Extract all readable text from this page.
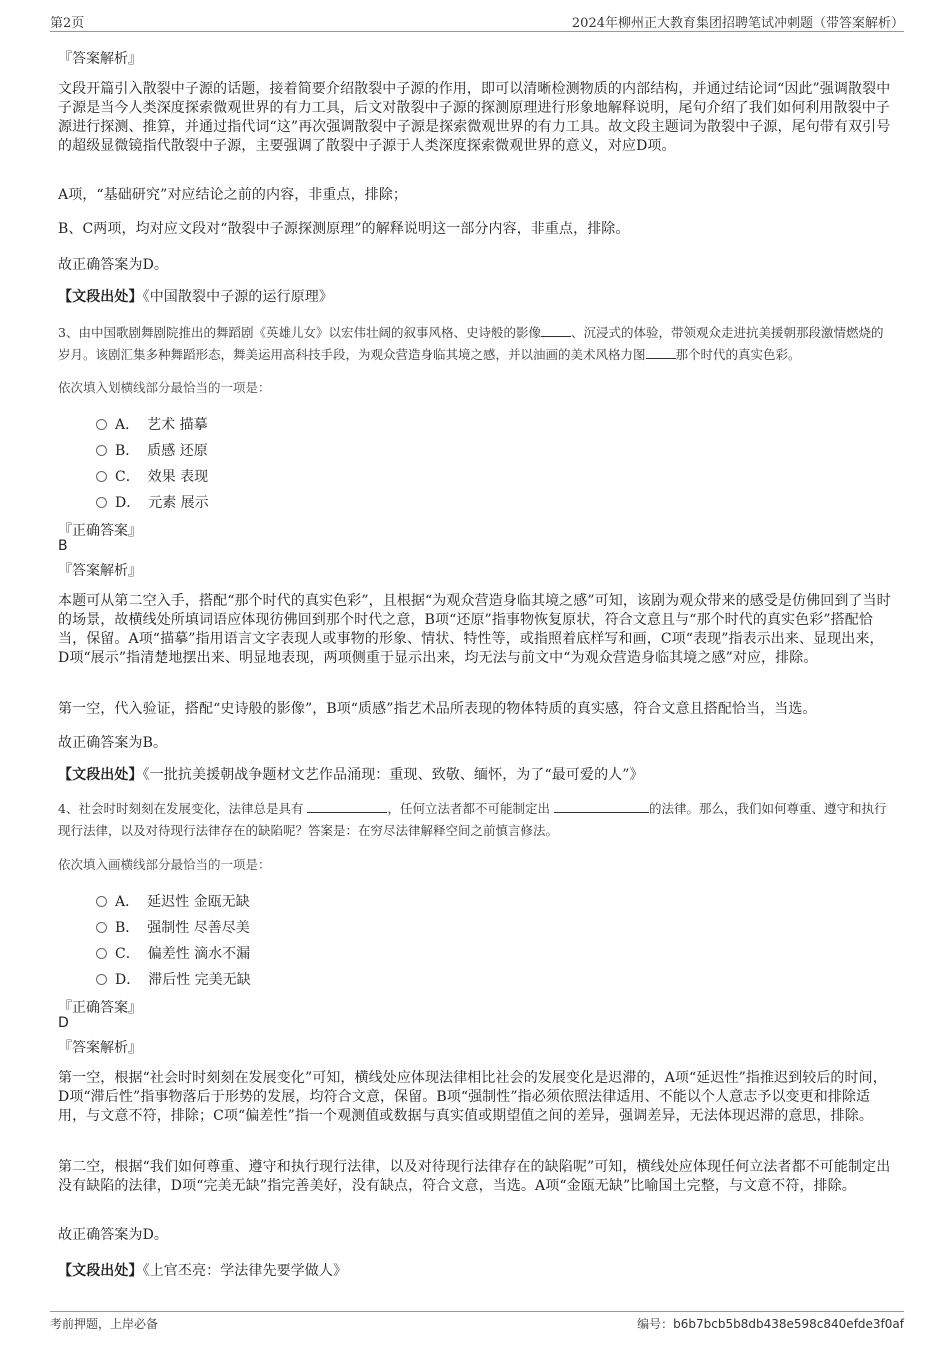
第2页	2024年柳州正大教育集团招聘笔试冲刺题（带答案解析）
『答案解析』
文段开篇引入散裂中子源的话题，接着简要介绍散裂中子源的作用，即可以清晰检测物质的内部结构，并通过结论词“因此”强调散裂中子源是当今人类深度探索微观世界的有力工具，后文对散裂中子源的探测原理进行形象地解释说明，尾句介绍了我们如何利用散裂中子源进行探测、推算，并通过指代词“这”再次强调散裂中子源是探索微观世界的有力工具。故文段主题词为散裂中子源，尾句带有双引号的超级显微镜指代散裂中子源，主要强调了散裂中子源于人类深度探索微观世界的意义，对应D项。
A项，“基础研究”对应结论之前的内容，非重点，排除；
B、C两项，均对应文段对“散裂中子源探测原理”的解释说明这一部分内容，非重点，排除。
故正确答案为D。
【文段出处】《中国散裂中子源的运行原理》
3、由中国歌剧舞剧院推出的舞蹈剧《英雄儿女》以宏伟壮阔的叙事风格、史诗般的影像 、沉浸式的体验，带领观众走进抗美援朝那段激情燃烧的岁月。该剧汇集多种舞蹈形态，舞美运用高科技手段，为观众营造身临其境之感，并以油画的美术风格力图 那个时代的真实色彩。
依次填入划横线部分最恰当的一项是：
A． 艺术 描摹
B． 质感 还原
C． 效果 表现
D． 元素 展示
『正确答案』
B
『答案解析』
本题可从第二空入手，搭配“那个时代的真实色彩”，且根据“为观众营造身临其境之感”可知，该剧为观众带来的感受是仿佛回到了当时的场景，故横线处所填词语应体现彷佛回到那个时代之意，B项“还原”指事物恢复原状，符合文意且与“那个时代的真实色彩”搭配恰当，保留。A项“描摹”指用语言文字表现人或事物的形象、情状、特性等，或指照着底样写和画，C项“表现”指表示出来、显现出来，D项“展示”指清楚地摆出来、明显地表现，两项侧重于显示出来，均无法与前文中“为观众营造身临其境之感”对应，排除。
第一空，代入验证，搭配“史诗般的影像”，B项“质感”指艺术品所表现的物体特质的真实感，符合文意且搭配恰当，当选。
故正确答案为B。
【文段出处】《一批抗美援朝战争题材文艺作品涌现：重现、致敬、缅怀，为了“最可爱的人”》
4、社会时时刻刻在发展变化，法律总是具有	，任何立法者都不可能制定出	的法律。那么，我们如何尊重、遵守和执行现行法律，以及对待现行法律存在的缺陷呢？答案是：在穷尽法律解释空间之前慎言修法。
依次填入画横线部分最恰当的一项是：
A． 延迟性 金瓯无缺
B． 强制性 尽善尽美
C． 偏差性 滴水不漏
D． 滞后性 完美无缺
『正确答案』
D
『答案解析』
第一空，根据“社会时时刻刻在发展变化”可知，横线处应体现法律相比社会的发展变化是迟滞的，A项“延迟性”指推迟到较后的时间，D项“滞后性”指事物落后于形势的发展，均符合文意，保留。B项“强制性”指必须依照法律适用、不能以个人意志予以变更和排除适用，与文意不符，排除；C项“偏差性”指一个观测值或数据与真实值或期望值之间的差异，强调差异，无法体现迟滞的意思，排除。
第二空，根据“我们如何尊重、遵守和执行现行法律，以及对待现行法律存在的缺陷呢”可知，横线处应体现任何立法者都不可能制定出没有缺陷的法律，D项“完美无缺”指完善美好，没有缺点，符合文意，当选。A项“金瓯无缺”比喻国土完整，与文意不符，排除。
故正确答案为D。
【文段出处】《上官丕亮：学法律先要学做人》
考前押题，上岸必备	编号：b6b7bcb5b8db438e598c840efde3f0af
